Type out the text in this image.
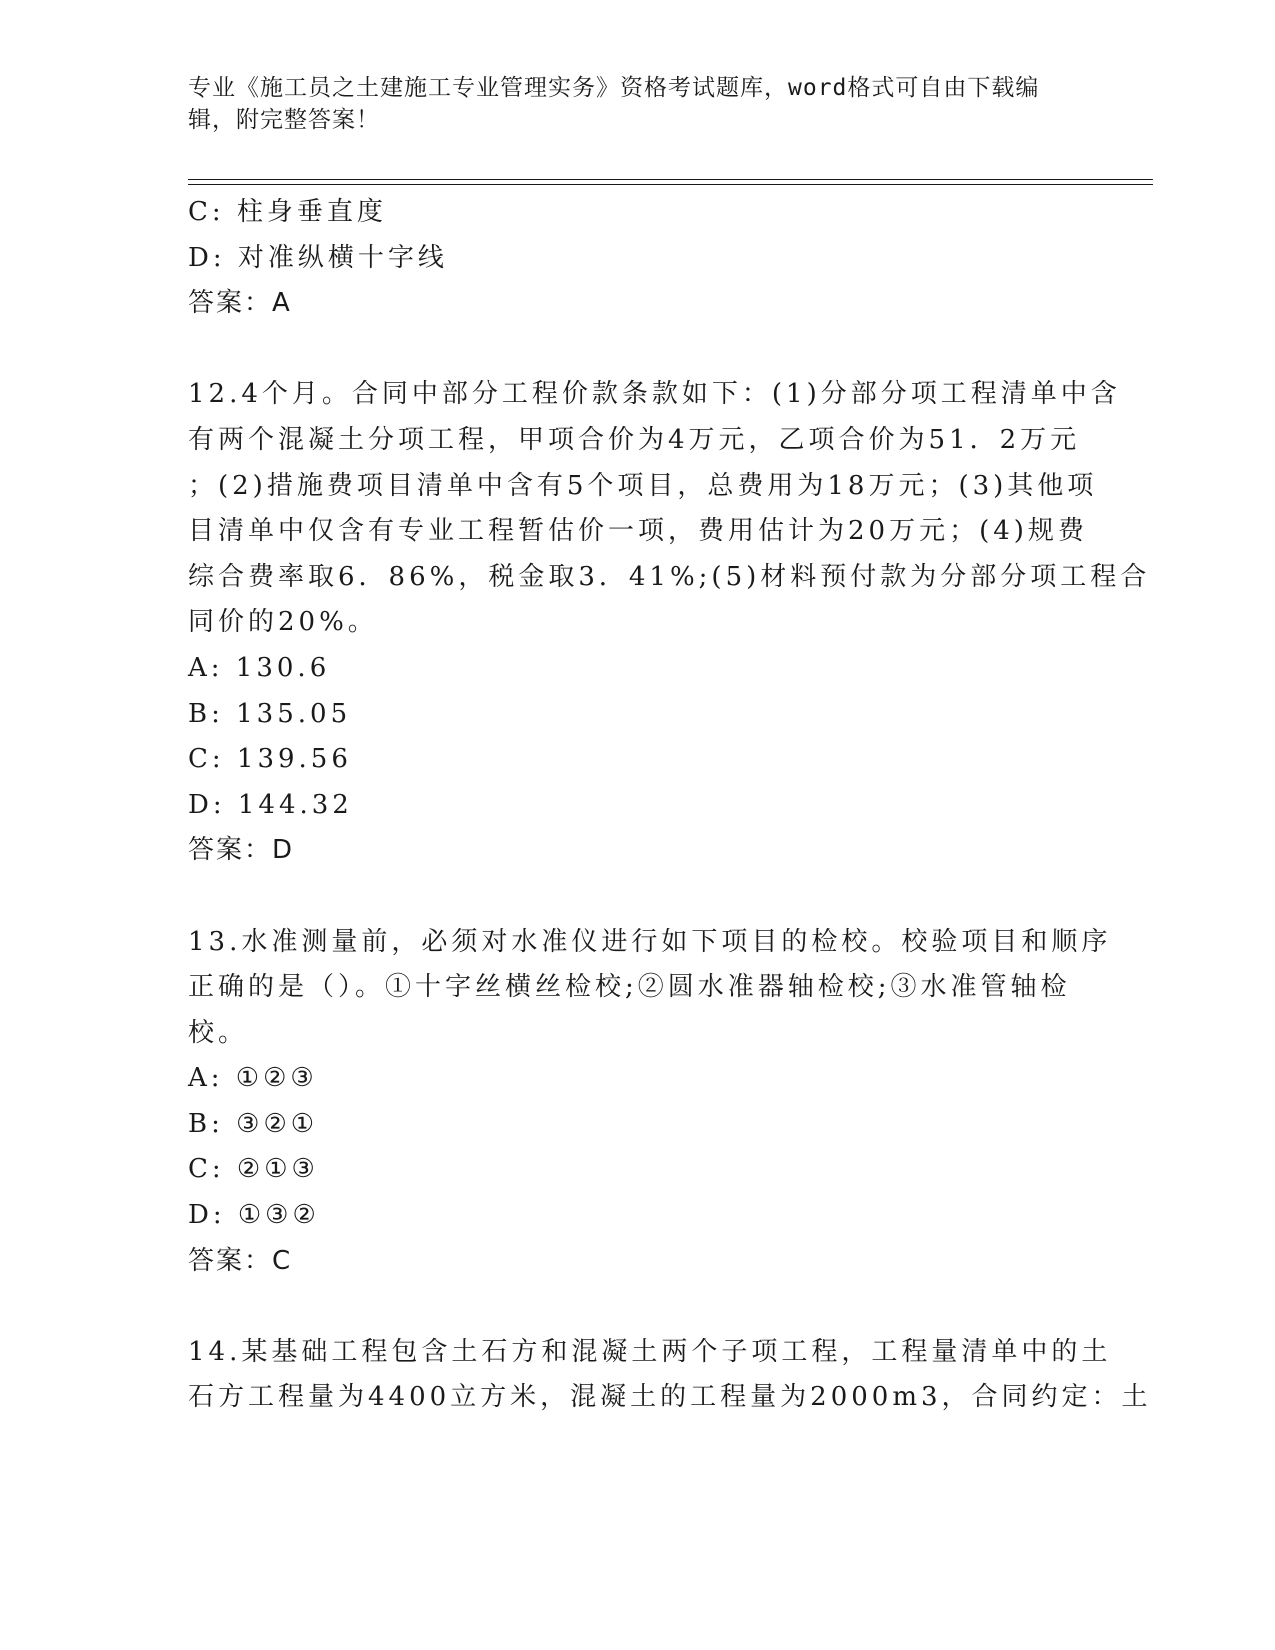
专业《施工员之土建施工专业管理实务》资格考试题库，word格式可自由下载编
辑，附完整答案！
C: 柱身垂直度
D: 对准纵横十字线
答案：A
12.4个月。合同中部分工程价款条款如下：(1)分部分项工程清单中含
有两个混凝土分项工程，甲项合价为4万元，乙项合价为51．2万元
；(2)措施费项目清单中含有5个项目，总费用为18万元；(3)其他项
目清单中仅含有专业工程暂估价一项，费用估计为20万元；(4)规费
综合费率取6．86%，税金取3．41%;(5)材料预付款为分部分项工程合
同价的20%。
A: 130.6
B: 135.05
C: 139.56
D: 144.32
答案：D
13.水准测量前，必须对水准仪进行如下项目的检校。校验项目和顺序
正确的是（）。①十字丝横丝检校;②圆水准器轴检校;③水准管轴检
校。
A: ①②③
B: ③②①
C: ②①③
D: ①③②
答案：C
14.某基础工程包含土石方和混凝土两个子项工程，工程量清单中的土
石方工程量为4400立方米，混凝土的工程量为2000m3，合同约定：土
